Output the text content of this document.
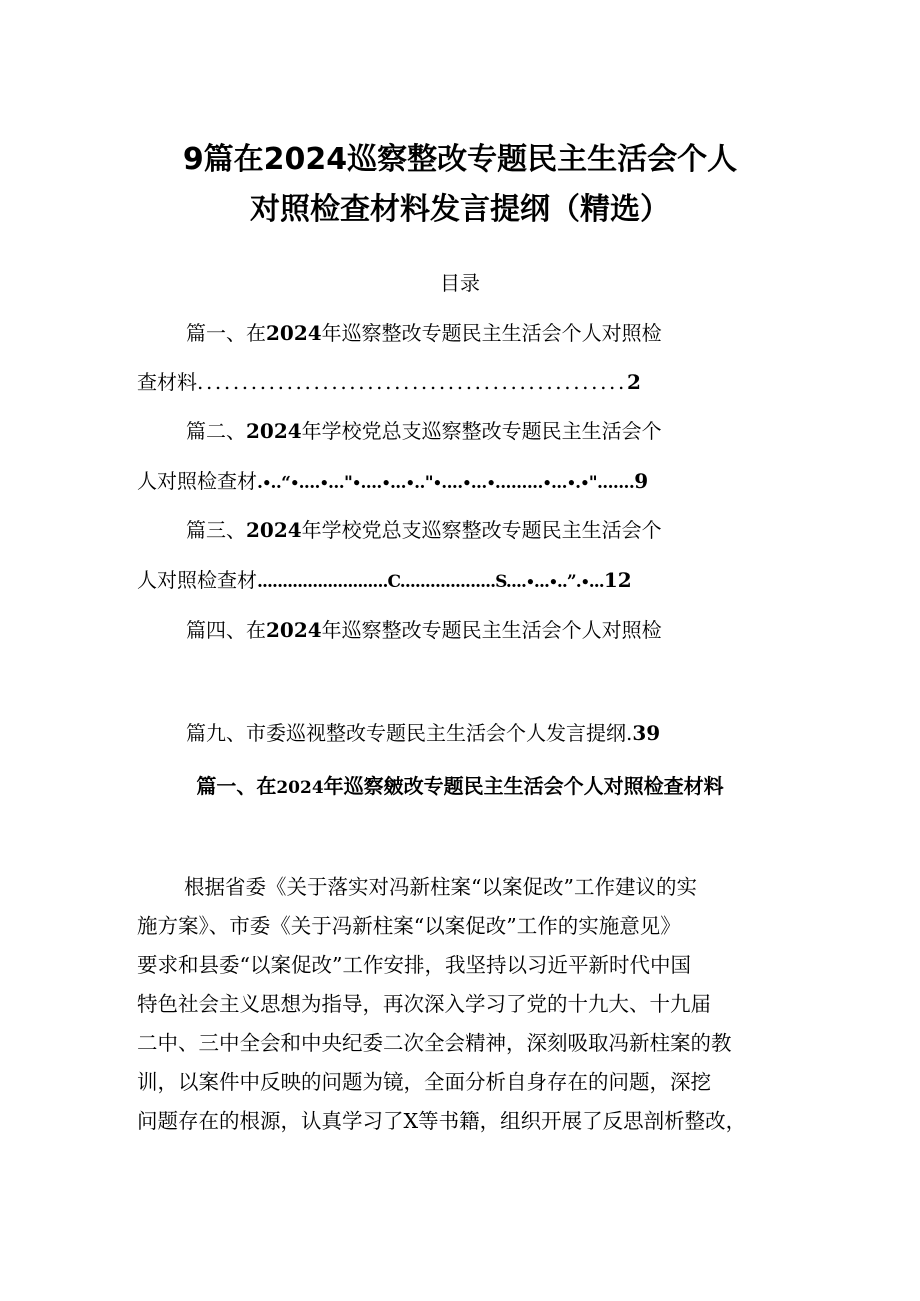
9篇在2024巡察整改专题民主生活会个人
对照检查材料发言提纲（精选）
目录
篇一、在2024年巡察整改专题民主生活会个人对照检
查材料................................................2
篇二、2024年学校党总支巡察整改专题民主生活会个
人对照检查材.∙..“∙....∙..."∙....∙...∙.."∙....∙...∙.........∙...∙.∙".......9
篇三、2024年学校党总支巡察整改专题民主生活会个
人对照检查材..........................C...................S....∙...∙..”.∙...12
篇四、在2024年巡察整改专题民主生活会个人对照检
篇九、市委巡视整改专题民主生活会个人发言提纲.39
篇一、在2024年巡察皴改专题民主生活会个人对照检查材料
根据省委《关于落实对冯新柱案“以案促改”工作建议的实
施方案》、市委《关于冯新柱案“以案促改”工作的实施意见》
要求和县委“以案促改”工作安排，我坚持以习近平新时代中国
特色社会主义思想为指导，再次深入学习了党的十九大、十九届
二中、三中全会和中央纪委二次全会精神，深刻吸取冯新柱案的教
训，以案件中反映的问题为镜，全面分析自身存在的问题，深挖
问题存在的根源，认真学习了X等书籍，组织开展了反思剖析整改，
